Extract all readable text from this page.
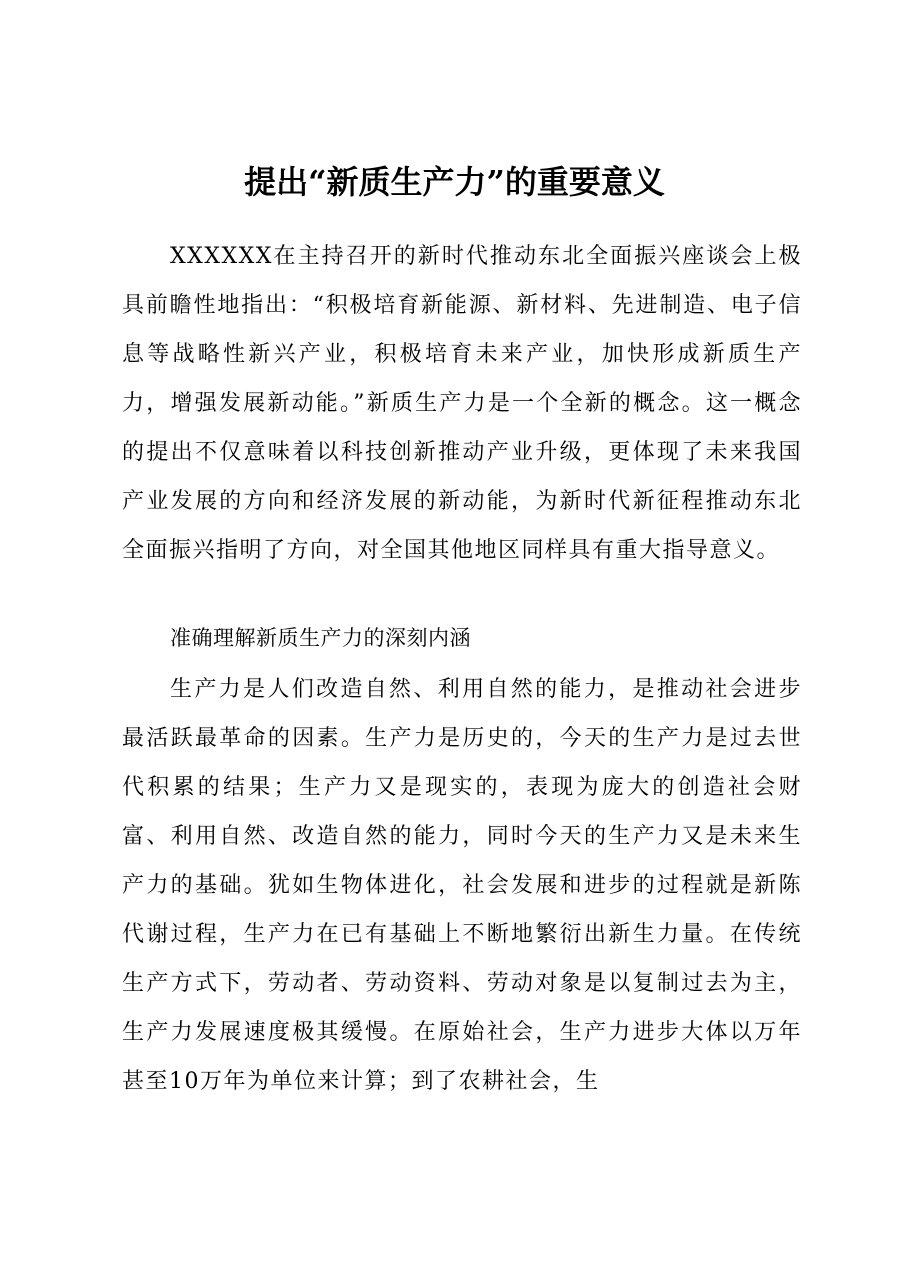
提出“新质生产力”的重要意义

XXXXXX在主持召开的新时代推动东北全面振兴座谈会上极具前瞻性地指出：“积极培育新能源、新材料、先进制造、电子信息等战略性新兴产业，积极培育未来产业，加快形成新质生产力，增强发展新动能。”新质生产力是一个全新的概念。这一概念的提出不仅意味着以科技创新推动产业升级，更体现了未来我国产业发展的方向和经济发展的新动能，为新时代新征程推动东北全面振兴指明了方向，对全国其他地区同样具有重大指导意义。

准确理解新质生产力的深刻内涵

生产力是人们改造自然、利用自然的能力，是推动社会进步最活跃最革命的因素。生产力是历史的，今天的生产力是过去世代积累的结果；生产力又是现实的，表现为庞大的创造社会财富、利用自然、改造自然的能力，同时今天的生产力又是未来生产力的基础。犹如生物体进化，社会发展和进步的过程就是新陈代谢过程，生产力在已有基础上不断地繁衍出新生力量。在传统生产方式下，劳动者、劳动资料、劳动对象是以复制过去为主，生产力发展速度极其缓慢。在原始社会，生产力进步大体以万年甚至10万年为单位来计算；到了农耕社会，生
